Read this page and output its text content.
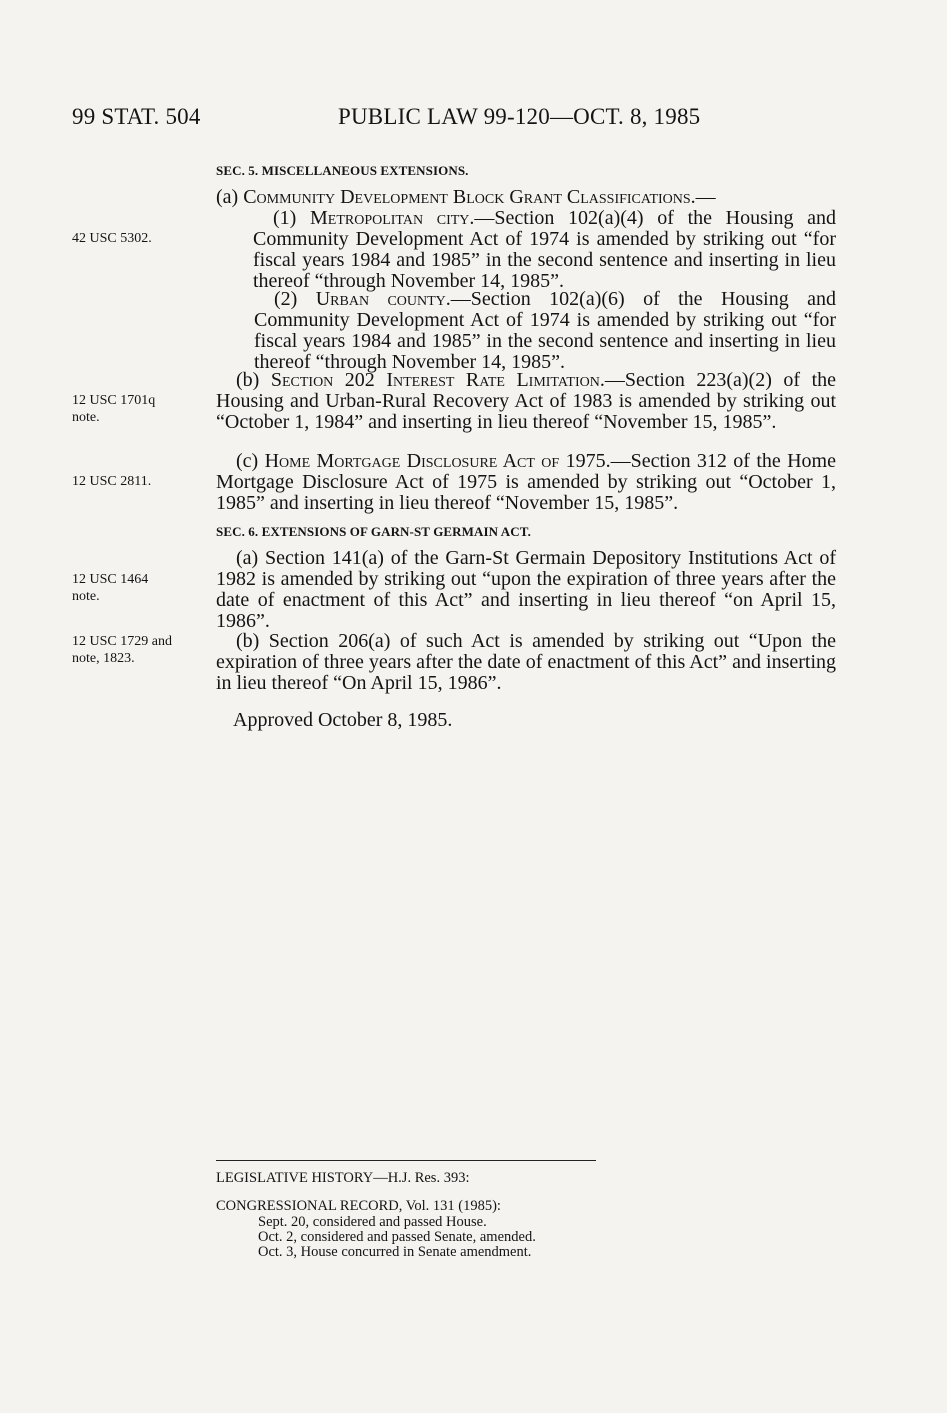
99 STAT. 504	PUBLIC LAW 99-120—OCT. 8, 1985
SEC. 5. MISCELLANEOUS EXTENSIONS.

(a) Community Development Block Grant Classifications.—

(1) Metropolitan city.—Section 102(a)(4) of the Housing and Community Development Act of 1974 is amended by striking out “for fiscal years 1984 and 1985” in the second sentence and inserting in lieu thereof “through November 14, 1985”.

(2) Urban county.—Section 102(a)(6) of the Housing and Community Development Act of 1974 is amended by striking out “for fiscal years 1984 and 1985” in the second sentence and inserting in lieu thereof “through November 14, 1985”.

(b) Section 202 Interest Rate Limitation.—Section 223(a)(2) of the Housing and Urban-Rural Recovery Act of 1983 is amended by striking out “October 1, 1984” and inserting in lieu thereof “November 15, 1985”.

(c) Home Mortgage Disclosure Act of 1975.—Section 312 of the Home Mortgage Disclosure Act of 1975 is amended by striking out “October 1, 1985” and inserting in lieu thereof “November 15, 1985”.

SEC. 6. EXTENSIONS OF GARN-ST GERMAIN ACT.

(a) Section 141(a) of the Garn-St Germain Depository Institutions Act of 1982 is amended by striking out “upon the expiration of three years after the date of enactment of this Act” and inserting in lieu thereof “on April 15, 1986”.

(b) Section 206(a) of such Act is amended by striking out “Upon the expiration of three years after the date of enactment of this Act” and inserting in lieu thereof “On April 15, 1986”.

Approved October 8, 1985.

42 USC 5302.
12 USC 1701q
note.
12 USC 2811.
12 USC 1464
note.
12 USC 1729 and
note, 1823.
LEGISLATIVE HISTORY—H.J. Res. 393:
CONGRESSIONAL RECORD, Vol. 131 (1985):
Sept. 20, considered and passed House.
Oct. 2, considered and passed Senate, amended.
Oct. 3, House concurred in Senate amendment.
